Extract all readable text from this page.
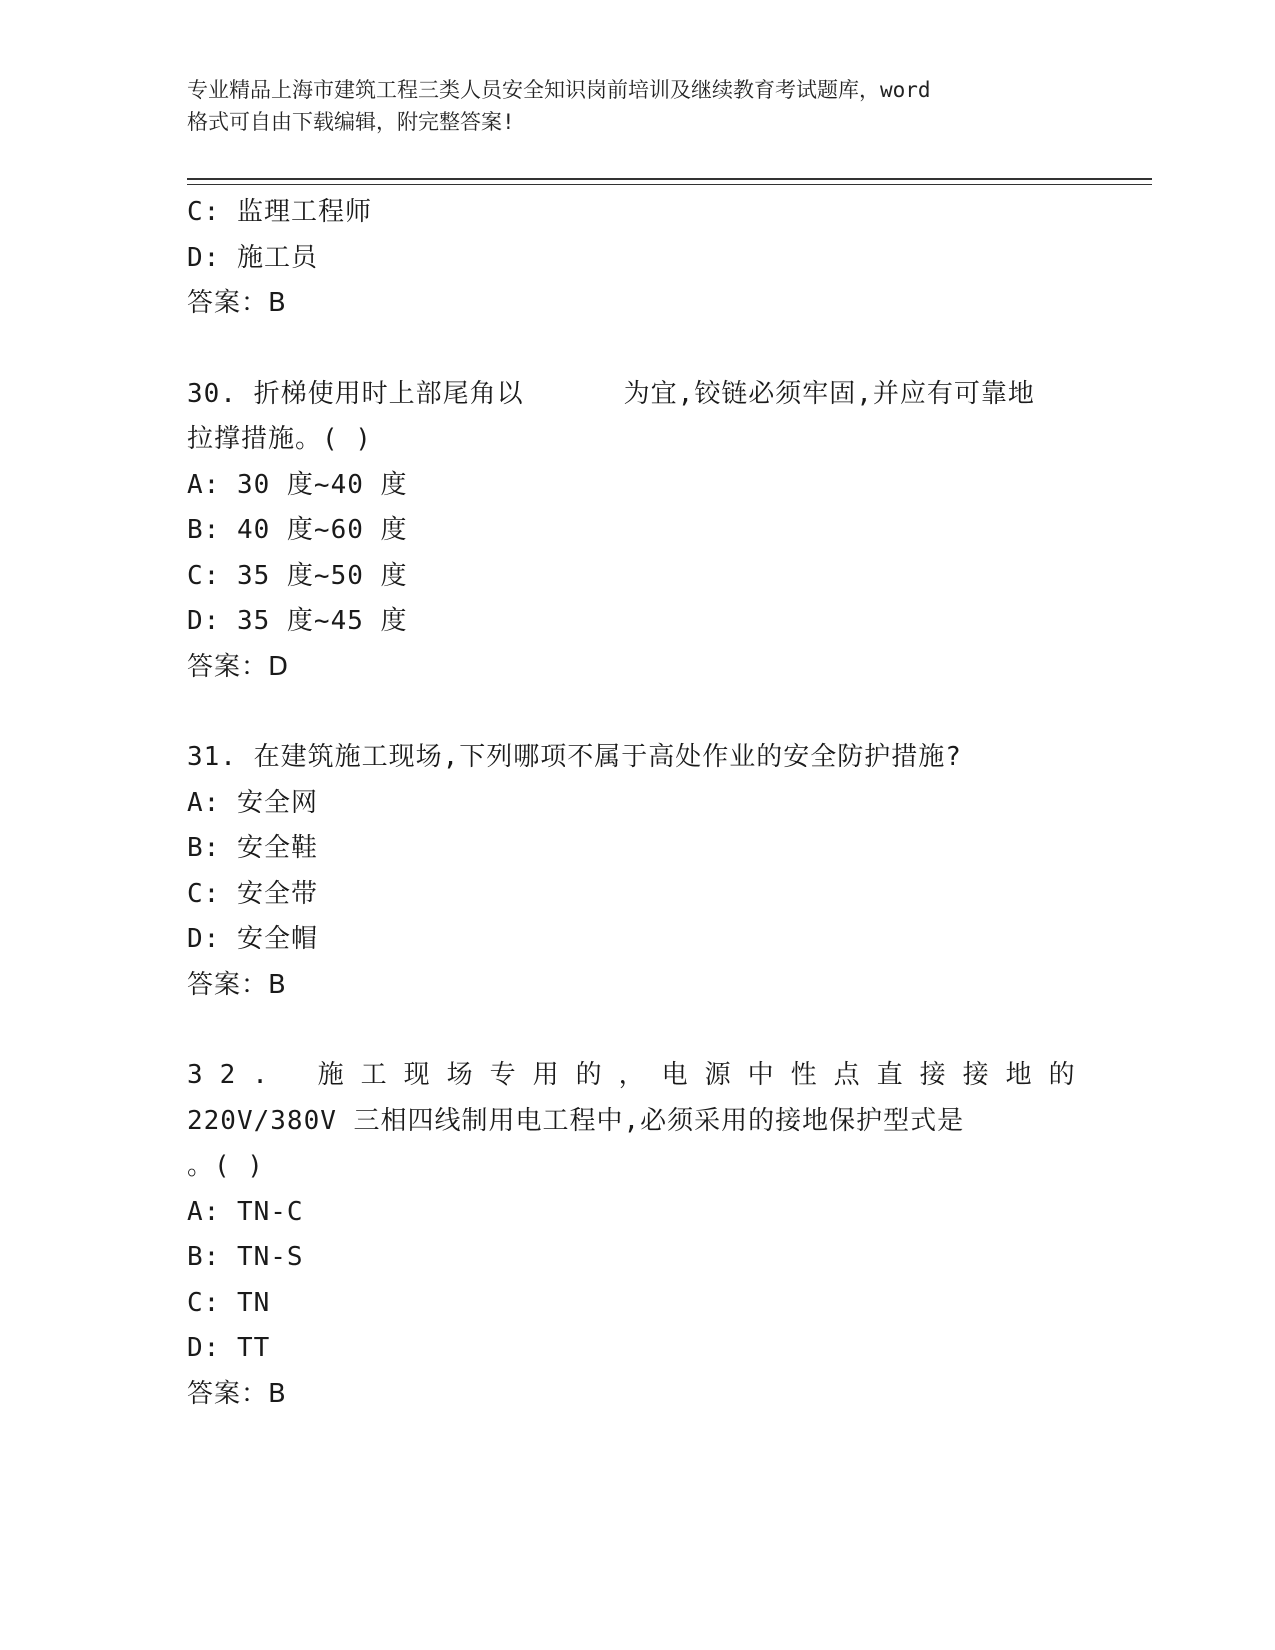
专业精品上海市建筑工程三类人员安全知识岗前培训及继续教育考试题库，word
格式可自由下载编辑，附完整答案!
C: 监理工程师
D: 施工员
答案：B
30. 折梯使用时上部尾角以	为宜,铰链必须牢固,并应有可靠地
拉撑措施。( )
A: 30 度~40 度
B: 40 度~60 度
C: 35 度~50 度
D: 35 度~45 度
答案：D
31. 在建筑施工现场,下列哪项不属于高处作业的安全防护措施?
A: 安全网
B: 安全鞋
C: 安全带
D: 安全帽
答案：B
32. 施工现场专用的，电源中性点直接接地的
220V/380V 三相四线制用电工程中,必须采用的接地保护型式是
。( )
A: TN-C
B: TN-S
C: TN
D: TT
答案：B
